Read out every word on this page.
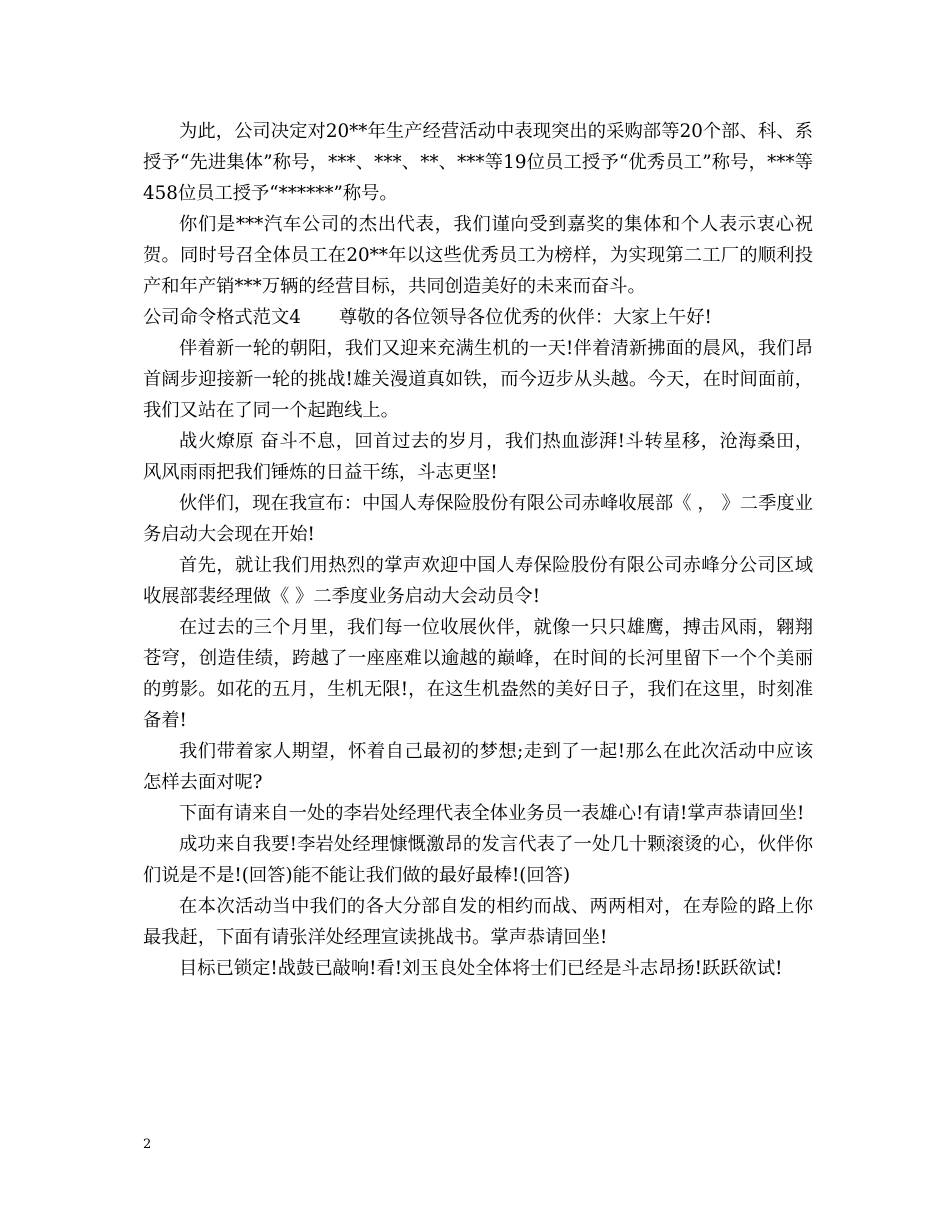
为此，公司决定对20**年生产经营活动中表现突出的采购部等20个部、科、系授予“先进集体”称号，***、***、**、***等19位员工授予“优秀员工”称号，***等458位员工授予“******”称号。

你们是***汽车公司的杰出代表，我们谨向受到嘉奖的集体和个人表示衷心祝贺。同时号召全体员工在20**年以这些优秀员工为榜样，为实现第二工厂的顺利投产和年产销***万辆的经营目标，共同创造美好的未来而奋斗。

公司命令格式范文4 尊敬的各位领导各位优秀的伙伴：大家上午好!

伴着新一轮的朝阳，我们又迎来充满生机的一天!伴着清新拂面的晨风，我们昂首阔步迎接新一轮的挑战!雄关漫道真如铁，而今迈步从头越。今天，在时间面前，我们又站在了同一个起跑线上。

战火燎原 奋斗不息，回首过去的岁月，我们热血澎湃!斗转星移，沧海桑田，风风雨雨把我们锤炼的日益干练，斗志更坚!

伙伴们，现在我宣布：中国人寿保险股份有限公司赤峰收展部《 ， 》二季度业务启动大会现在开始!

首先，就让我们用热烈的掌声欢迎中国人寿保险股份有限公司赤峰分公司区域收展部裴经理做《 》二季度业务启动大会动员令!

在过去的三个月里，我们每一位收展伙伴，就像一只只雄鹰，搏击风雨，翱翔苍穹，创造佳绩，跨越了一座座难以逾越的巅峰，在时间的长河里留下一个个美丽的剪影。如花的五月，生机无限!，在这生机盎然的美好日子，我们在这里，时刻准备着!

我们带着家人期望，怀着自己最初的梦想;走到了一起!那么在此次活动中应该怎样去面对呢?

下面有请来自一处的李岩处经理代表全体业务员一表雄心!有请!掌声恭请回坐!

成功来自我要!李岩处经理慷慨激昂的发言代表了一处几十颗滚烫的心，伙伴你们说是不是!(回答)能不能让我们做的最好最棒!(回答)

在本次活动当中我们的各大分部自发的相约而战、两两相对，在寿险的路上你最我赶，下面有请张洋处经理宣读挑战书。掌声恭请回坐!

目标已锁定!战鼓已敲响!看!刘玉良处全体将士们已经是斗志昂扬!跃跃欲试!

2
